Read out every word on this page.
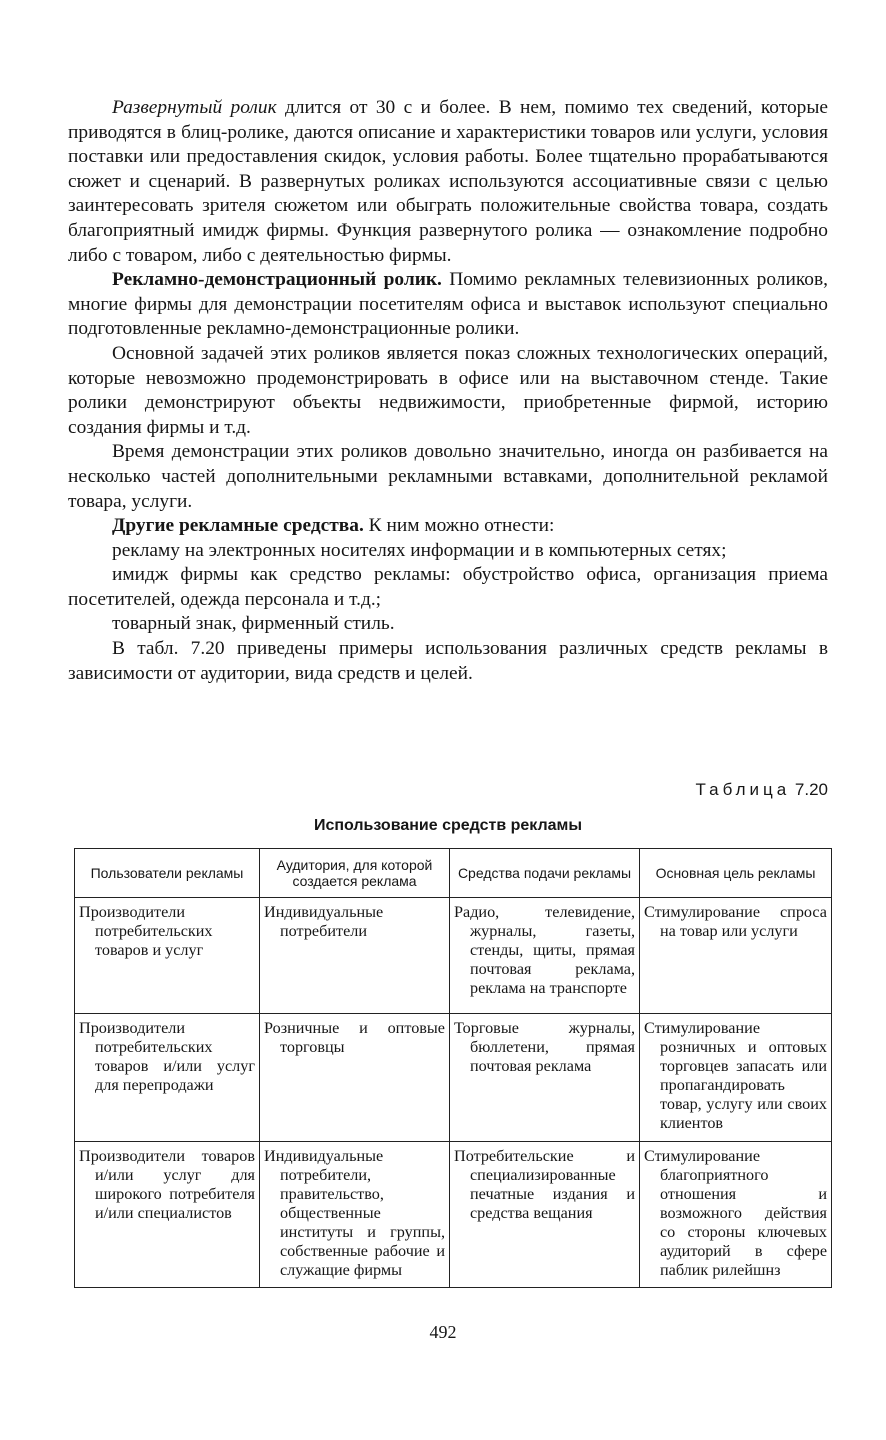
Развернутый ролик длится от 30 с и более. В нем, помимо тех сведений, которые приводятся в блиц-ролике, даются описание и характеристики товаров или услуги, условия поставки или предоставления скидок, условия работы. Более тщательно прорабатываются сюжет и сценарий. В развернутых роликах используются ассоциативные связи с целью заинтересовать зрителя сюжетом или обыграть положительные свойства товара, создать благоприятный имидж фирмы. Функция развернутого ролика — ознакомление подробно либо с товаром, либо с деятельностью фирмы.

Рекламно-демонстрационный ролик. Помимо рекламных телевизионных роликов, многие фирмы для демонстрации посетителям офиса и выставок используют специально подготовленные рекламно-демонстрационные ролики.

Основной задачей этих роликов является показ сложных технологических операций, которые невозможно продемонстрировать в офисе или на выставочном стенде. Такие ролики демонстрируют объекты недвижимости, приобретенные фирмой, историю создания фирмы и т.д.

Время демонстрации этих роликов довольно значительно, иногда он разбивается на несколько частей дополнительными рекламными вставками, дополнительной рекламой товара, услуги.

Другие рекламные средства. К ним можно отнести:

рекламу на электронных носителях информации и в компьютерных сетях;

имидж фирмы как средство рекламы: обустройство офиса, организация приема посетителей, одежда персонала и т.д.;

товарный знак, фирменный стиль.

В табл. 7.20 приведены примеры использования различных средств рекламы в зависимости от аудитории, вида средств и целей.

Таблица 7.20
Использование средств рекламы
Пользователи рекламы	Аудитория, для которой создается реклама	Средства подачи рекламы	Основная цель рекламы

Производители потребительских товаров и услуг	Индивидуальные потребители	Радио, телевидение, журналы, газеты, стенды, щиты, прямая почтовая реклама, реклама на транспорте	Стимулирование спроса на товар или услуги

Производители потребительских товаров и/или услуг для перепродажи	Розничные и оптовые торговцы	Торговые журналы, бюллетени, прямая почтовая реклама	Стимулирование розничных и оптовых торговцев запасать или пропагандировать товар, услугу или своих клиентов

Производители товаров и/или услуг для широкого потребителя и/или специалистов	Индивидуальные потребители, правительство, общественные институты и группы, собственные рабочие и служащие фирмы	Потребительские и специализированные печатные издания и средства вещания	Стимулирование благоприятного отношения и возможного действия со стороны ключевых аудиторий в сфере паблик рилейшнз
492
